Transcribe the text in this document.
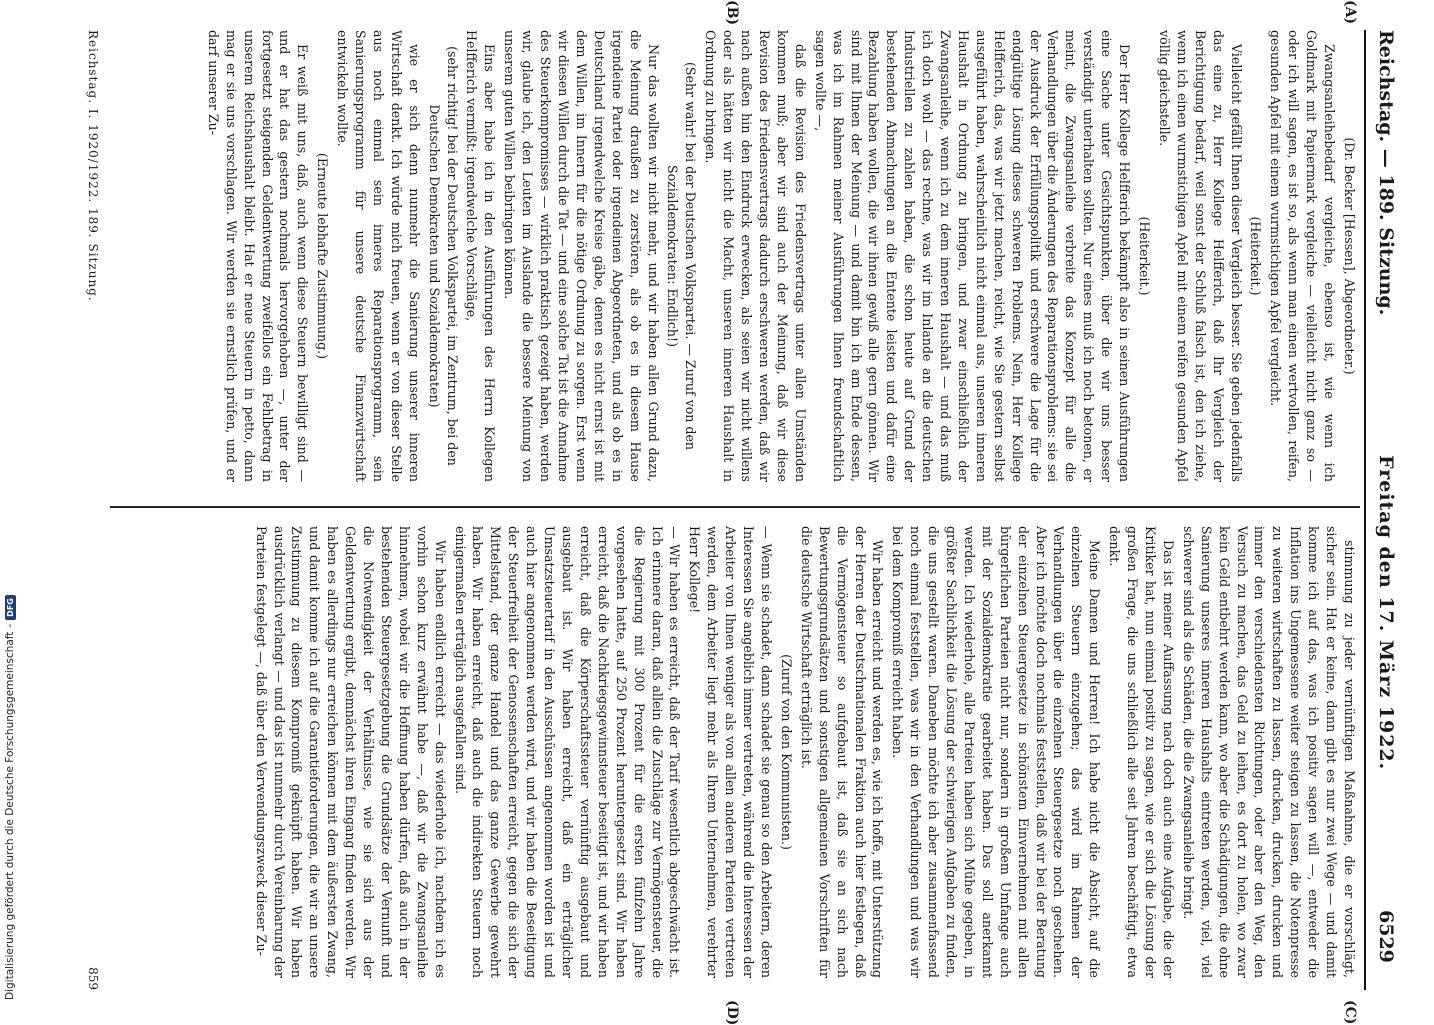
Reichstag. — 189. Sitzung.
Freitag den 17. März 1922.
6529
(A)
(B)
(C)
(D)

(Dr. Becker [Hessen], Abgeordneter.)

Zwangsanleihebedarf vergleiche, ebenso ist, wie wenn ich Goldmark mit Papiermark vergleiche — vielleicht nicht ganz so — oder ich will sagen, es ist so, als wenn man einen wertvollen, reifen, gesunden Apfel mit einem wurmstichigen Apfel vergleicht.

(Heiterkeit.)

Vielleicht gefällt Ihnen dieser Vergleich besser. Sie geben jedenfalls das eine zu, Herr Kollege Helfferich, daß Ihr Vergleich der Berichtigung bedarf, weil sonst der Schluß falsch ist, den ich ziehe, wenn ich einen wurmstichigen Apfel mit einem reifen gesunden Apfel völlig gleichstelle.

(Heiterkeit.)

Der Herr Kollege Helfferich bekämpft also in seinen Ausführungen eine Sache unter Gesichtspunkten, über die wir uns besser verständigt unterhalten sollten. Nur eines muß ich noch betonen, er meint, die Zwangsanleihe verbreite das Konzept für alle die Verhandlungen über die Änderungen des Reparationsproblems: sie sei der Ausdruck der Erfüllungspolitik und erschwere die Lage für die endgültige Lösung dieses schweren Problems. Nein, Herr Kollege Helfferich, das, was wir jetzt machen, reicht, wie Sie gestern selbst ausgeführt haben, wahrscheinlich nicht einmal aus, unseren inneren Haushalt in Ordnung zu bringen, und zwar einschließlich der Zwangsanleihe, wenn ich zu dem inneren Haushalt — und das muß ich doch wohl — das rechne, was wir im Inlande an die deutschen Industriellen zu zahlen haben, die schon heute auf Grund der bestehenden Abmachungen an die Entente leisten und dafür eine Bezahlung haben wollen, die wir ihnen gewiß alle gern gönnen. Wir sind mit Ihnen der Meinung — und damit bin ich am Ende dessen, was ich im Rahmen meiner Ausführungen Ihnen freundschaftlich sagen wollte —,

daß die Revision des Friedensvertrags unter allen Umständen kommen muß; aber wir sind auch der Meinung, daß wir diese Revision des Friedensvertrags dadurch erschweren werden, daß wir nach außen hin den Eindruck erwecken, als seien wir nicht willens oder als hätten wir nicht die Macht, unseren inneren Haushalt in Ordnung zu bringen.

(Sehr wahr! bei der Deutschen Volkspartei. — Zuruf von den Sozialdemokraten: Endlich!)

Nur das wollten wir nicht mehr, und wir haben allen Grund dazu, die Meinung draußen zu zerstören, als ob es in diesem Hause irgendeine Partei oder irgendeinen Abgeordneten, und als ob es in Deutschland irgendwelche Kreise gäbe, denen es nicht ernst ist mit dem Willen, im Innern für die nötige Ordnung zu sorgen. Erst wenn wir diesen Willen durch die Tat — und eine solche Tat ist die Annahme des Steuerkompromisses — wirklich praktisch gezeigt haben, werden wir, glaube ich, den Leuten im Auslande die bessere Meinung von unserem guten Willen beibringen können.

Eins aber habe ich in den Ausführungen des Herrn Kollegen Helfferich vermißt: irgendwelche Vorschläge,

(sehr richtig! bei der Deutschen Volkspartei, im Zentrum, bei den Deutschen Demokraten und Sozialdemokraten)

wie er sich denn nunmehr die Sanierung unserer inneren Wirtschaft denkt. Ich würde mich freuen, wenn er von dieser Stelle aus noch einmal sein inneres Reparationsprogramm, sein Sanierungsprogramm für unsere deutsche Finanzwirtschaft entwickeln wollte.

(Erneute lebhafte Zustimmung.)

Er weiß mit uns, daß, auch wenn diese Steuern bewilligt sind — und er hat das gestern nochmals hervorgehoben —, unter der fortgesetzt steigenden Geldentwertung zweifellos ein Fehlbetrag in unserem Reichshaushalt bleibt. Hat er neue Steuern in petto, dann mag er sie uns vorschlagen. Wir werden sie ernstlich prüfen, und er darf unserer Zu-

stimmung zu jeder vernünftigen Maßnahme, die er vorschlägt, sicher sein. Hat er keine, dann gibt es nur zwei Wege — und damit komme ich auf das, was ich positiv sagen will —, entweder die Inflation ins Ungemessene weiter steigen zu lassen, die Notenpresse zu weiteren wirtschaften zu lassen, drucken, drucken, drucken und immer den verschiedensten Richtungen, oder aber den Weg, den Versuch zu machen, das Geld zu leihen, es dort zu holen, wo zwar kein Geld entbehrt werden kann, wo aber die Schädigungen, die ohne Sanierung unseres inneren Haushalts eintreten werden, viel, viel schwerer sind als die Schäden, die die Zwangsanleihe bringt.

Das ist meiner Auffassung nach doch auch eine Aufgabe, die der Kritiker hat, nun einmal positiv zu sagen, wie er sich die Lösung der großen Frage, die uns schließlich alle seit Jahren beschäftigt, etwa denkt.

Meine Damen und Herren! Ich habe nicht die Absicht, auf die einzelnen Steuern einzugehen; das wird im Rahmen der Verhandlungen über die einzelnen Steuergesetze noch geschehen. Aber ich möchte doch nochmals feststellen, daß wir bei der Beratung der einzelnen Steuergesetze in schönstem Einvernehmen mit allen bürgerlichen Parteien nicht nur, sondern in großem Umfange auch mit der Sozialdemokratie gearbeitet haben. Das soll anerkannt werden. Ich wiederhole, alle Parteien haben sich Mühe gegeben, in größter Sachlichkeit die Lösung der schwierigen Aufgaben zu finden, die uns gestellt waren. Daneben möchte ich aber zusammenfassend noch einmal feststellen, was wir in den Verhandlungen und was wir bei dem Kompromiß erreicht haben.

Wir haben erreicht und werden es, wie ich hoffe, mit Unterstützung der Herren der Deutschnationalen Fraktion auch hier festlegen, daß die Vermögensteuer so aufgebaut ist, daß sie an sich nach Bewertungsgrundsätzen und sonstigen allgemeinen Vorschriften für die deutsche Wirtschaft erträglich ist.

(Zuruf von den Kommunisten.)

— Wenn sie schadet, dann schadet sie genau so den Arbeitern, deren Interessen Sie angeblich immer vertreten, während die Interessen der Arbeiter von Ihnen weniger als von allen anderen Parteien vertreten werden, dem Arbeiter liegt mehr als Ihrem Unternehmen, verehrter Herr Kollege!

— Wir haben es erreicht, daß der Tarif wesentlich abgeschwächt ist. Ich erinnere daran, daß allein die Zuschläge zur Vermögensteuer, die die Regierung mit 300 Prozent für die ersten fünfzehn Jahre vorgesehen hatte, auf 250 Prozent heruntergesetzt sind. Wir haben erreicht, daß die Nachkriegsgewinnsteuer beseitigt ist, und wir haben erreicht, daß die Körperschaftssteuer vernünftig ausgebaut und ausgebaut ist. Wir haben erreicht, daß ein erträglicher Umsatzsteuertarif in den Ausschüssen angenommen worden ist und auch hier angenommen werden wird, und wir haben die Beseitigung der Steuerfreiheit der Genossenschaften erreicht, gegen die sich der Mittelstand, der ganze Handel und das ganze Gewerbe gewehrt haben. Wir haben erreicht, daß auch die indirekten Steuern noch einigermaßen erträglich ausgefallen sind.

Wir haben endlich erreicht — das wiederhole ich, nachdem ich es vorhin schon kurz erwähnt habe —, daß wir die Zwangsanleihe hinnehmen, wobei wir die Hoffnung haben dürfen, daß auch in der bestehenden Steuergesetzgebung die Grundsätze der Vernunft und die Notwendigkeit der Verhältnisse, wie sie sich aus der Geldentwertung ergibt, demnächst ihren Eingang finden werden. Wir haben es allerdings nur erreichen können mit dem äußersten Zwang, und damit komme ich auf die Garantieforderungen, die wir an unsere Zustimmung zu diesem Kompromiß geknüpft haben. Wir haben ausdrücklich verlangt — und das ist nunmehr durch Vereinbarung der Parteien festgelegt —, daß über den Verwendungszweck dieser Zu-

Reichstag. I. 1920/1922. 189. Sitzung.
859
Digitalisierung gefördert durch die Deutsche Forschungsgemeinschaft
-
DFG
